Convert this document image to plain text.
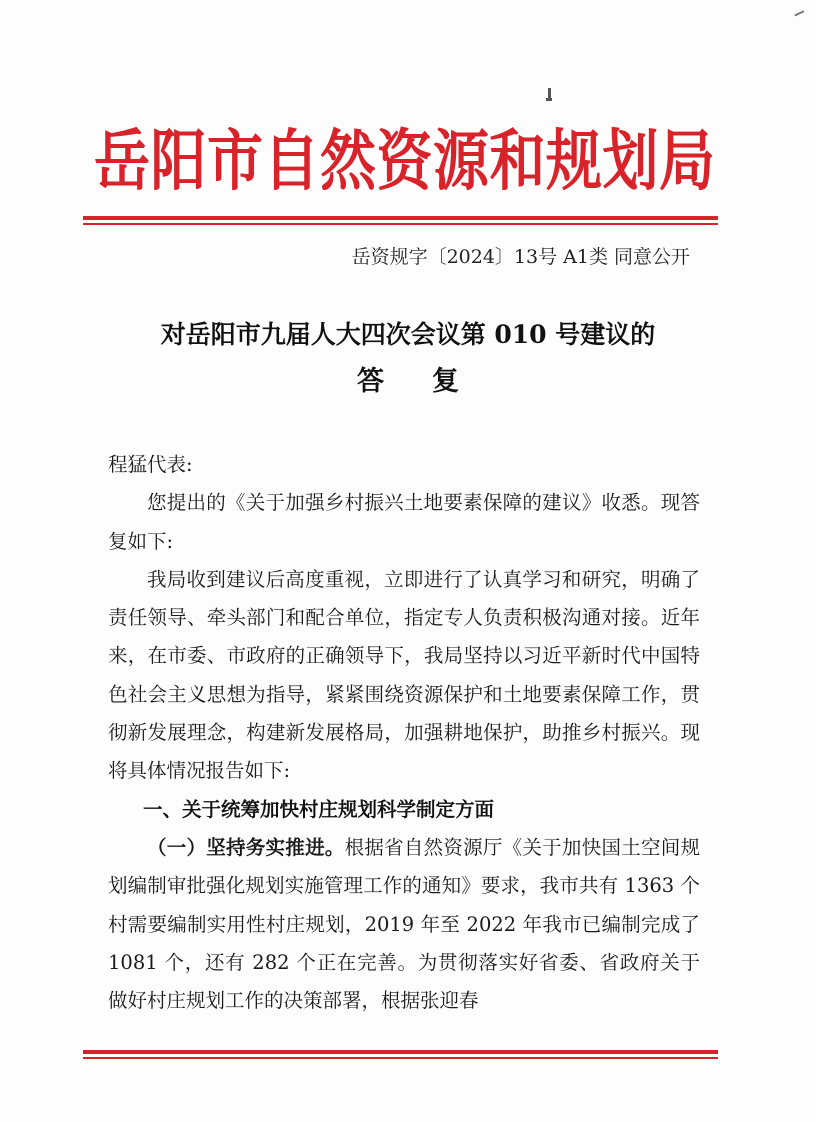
岳阳市自然资源和规划局
岳资规字〔2024〕13号 A1类 同意公开
对岳阳市九届人大四次会议第 010 号建议的
答复

程猛代表:

您提出的《关于加强乡村振兴土地要素保障的建议》收悉。现答复如下:

我局收到建议后高度重视，立即进行了认真学习和研究，明确了责任领导、牵头部门和配合单位，指定专人负责积极沟通对接。近年来，在市委、市政府的正确领导下，我局坚持以习近平新时代中国特色社会主义思想为指导，紧紧围绕资源保护和土地要素保障工作，贯彻新发展理念，构建新发展格局，加强耕地保护，助推乡村振兴。现将具体情况报告如下:

一、关于统筹加快村庄规划科学制定方面

（一）坚持务实推进。根据省自然资源厅《关于加快国土空间规划编制审批强化规划实施管理工作的通知》要求，我市共有 1363 个村需要编制实用性村庄规划，2019 年至 2022 年我市已编制完成了 1081 个，还有 282 个正在完善。为贯彻落实好省委、省政府关于做好村庄规划工作的决策部署，根据张迎春
